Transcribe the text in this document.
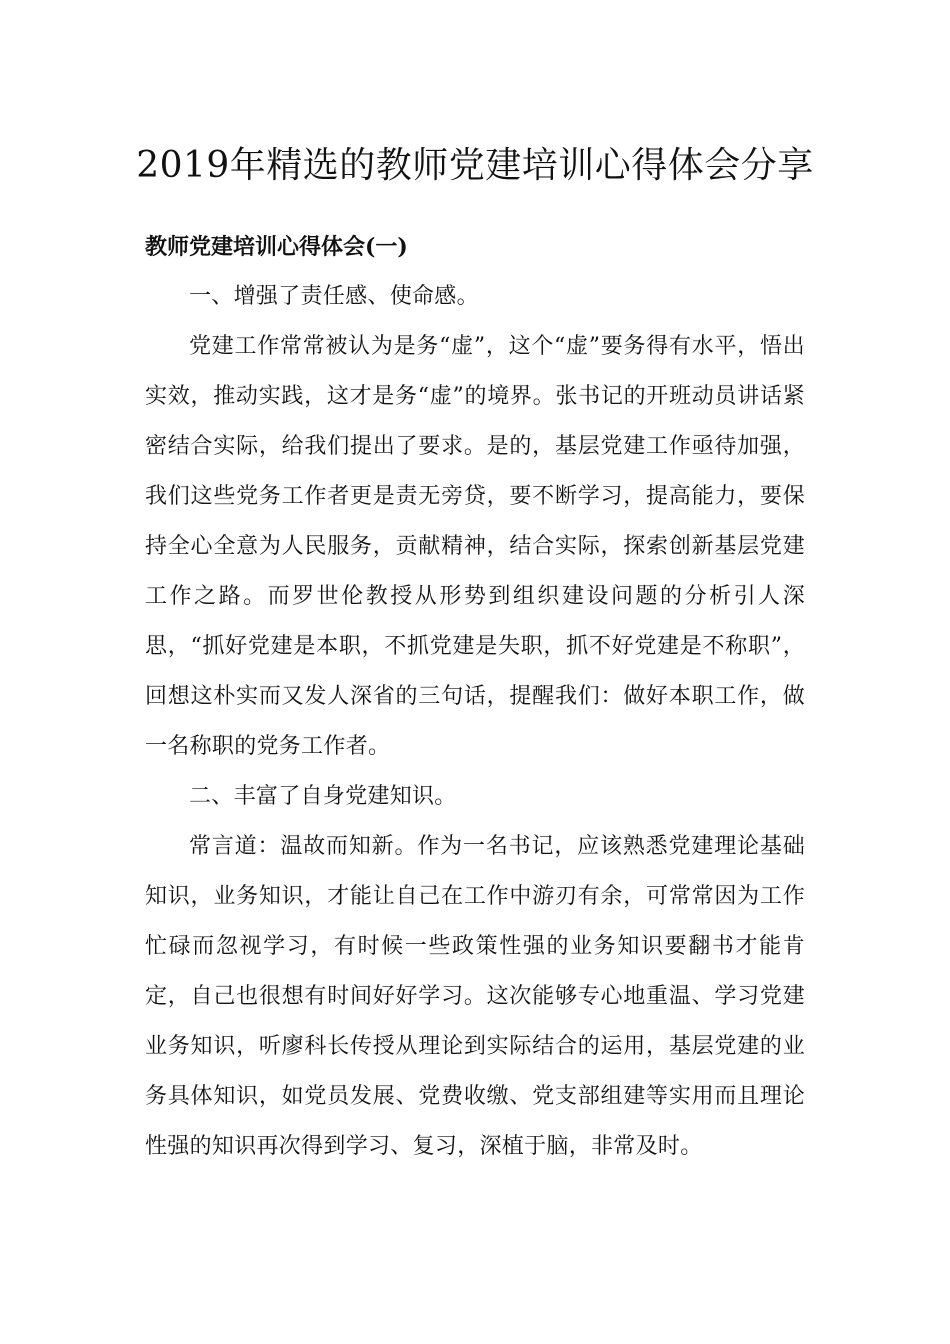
2019年精选的教师党建培训心得体会分享

教师党建培训心得体会(一)

一、增强了责任感、使命感。

党建工作常常被认为是务“虚”，这个“虚”要务得有水平，悟出实效，推动实践，这才是务“虚”的境界。张书记的开班动员讲话紧密结合实际，给我们提出了要求。是的，基层党建工作亟待加强，我们这些党务工作者更是责无旁贷，要不断学习，提高能力，要保持全心全意为人民服务，贡献精神，结合实际，探索创新基层党建工作之路。而罗世伦教授从形势到组织建设问题的分析引人深思，“抓好党建是本职，不抓党建是失职，抓不好党建是不称职”，回想这朴实而又发人深省的三句话，提醒我们：做好本职工作，做一名称职的党务工作者。

二、丰富了自身党建知识。

常言道：温故而知新。作为一名书记，应该熟悉党建理论基础知识，业务知识，才能让自己在工作中游刃有余，可常常因为工作忙碌而忽视学习，有时候一些政策性强的业务知识要翻书才能肯定，自己也很想有时间好好学习。这次能够专心地重温、学习党建业务知识，听廖科长传授从理论到实际结合的运用，基层党建的业务具体知识，如党员发展、党费收缴、党支部组建等实用而且理论性强的知识再次得到学习、复习，深植于脑，非常及时。
